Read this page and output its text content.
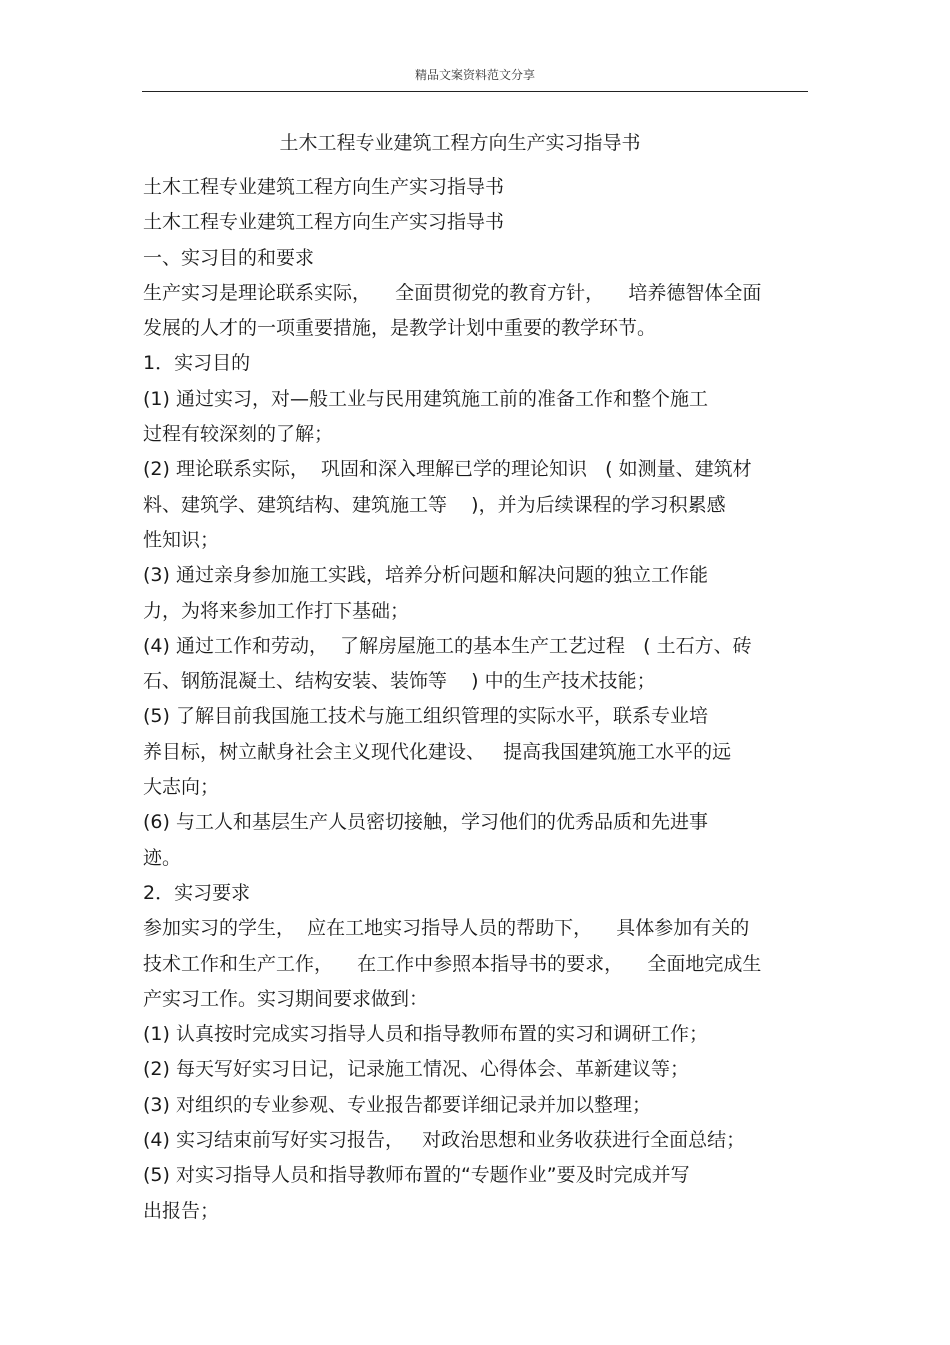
精品文案资料范文分享
土木工程专业建筑工程方向生产实习指导书
土木工程专业建筑工程方向生产实习指导书
土木工程专业建筑工程方向生产实习指导书
一、实习目的和要求
生产实习是理论联系实际，    全面贯彻党的教育方针，    培养德智体全面
发展的人才的一项重要措施，是教学计划中重要的教学环节。
1．实习目的
(1) 通过实习，对—般工业与民用建筑施工前的准备工作和整个施工
过程有较深刻的了解；
(2) 理论联系实际，  巩固和深入理解已学的理论知识   ( 如测量、建筑材
料、建筑学、建筑结构、建筑施工等    )，并为后续课程的学习积累感
性知识；
(3) 通过亲身参加施工实践，培养分析问题和解决问题的独立工作能
力，为将来参加工作打下基础；
(4) 通过工作和劳动，  了解房屋施工的基本生产工艺过程   ( 土石方、砖
石、钢筋混凝土、结构安装、装饰等    ) 中的生产技术技能；
(5) 了解目前我国施工技术与施工组织管理的实际水平，联系专业培
养目标，树立献身社会主义现代化建设、   提高我国建筑施工水平的远
大志向；
(6) 与工人和基层生产人员密切接触，学习他们的优秀品质和先进事
迹。
2．实习要求
参加实习的学生，  应在工地实习指导人员的帮助下，    具体参加有关的
技术工作和生产工作，    在工作中参照本指导书的要求，    全面地完成生
产实习工作。实习期间要求做到：
(1) 认真按时完成实习指导人员和指导教师布置的实习和调研工作；
(2) 每天写好实习日记，记录施工情况、心得体会、革新建议等；
(3) 对组织的专业参观、专业报告都要详细记录并加以整理；
(4) 实习结束前写好实习报告，   对政治思想和业务收获进行全面总结；
(5) 对实习指导人员和指导教师布置的“专题作业”要及时完成并写
出报告；
